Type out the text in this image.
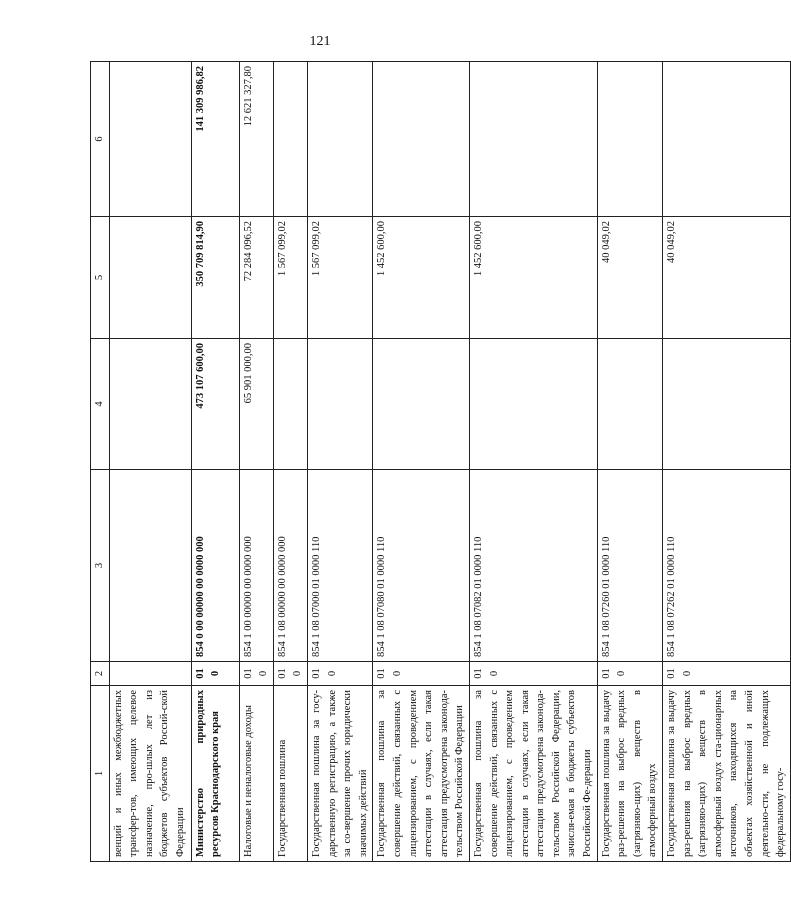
121
1	2	3	4	5	6
венций и иных межбюджетных трансфер-тов, имеющих целевое назначение, про-шлых лет из бюджетов субъектов Россий-ской Федерации					
Министерство природных ресурсов Краснодарского края	010	854 0 00 00000 00 0000 000	473 107 600,00	350 709 814,90	141 309 986,82
Налоговые и неналоговые доходы	010	854 1 00 00000 00 0000 000	65 901 000,00	72 284 096,52	12 621 327,80
Государственная пошлина	010	854 1 08 00000 00 0000 000		1 567 099,02	
Государственная пошлина за госу-дарственную регистрацию, а также за со-вершение прочих юридически значимых действий	010	854 1 08 07000 01 0000 110		1 567 099,02	
Государственная пошлина за совершение действий, связанных с лицензированием, с проведением аттестации в случаях, если такая аттестация предусмотрена законода-тельством Российской Федерации	010	854 1 08 07080 01 0000 110		1 452 600,00	
Государственная пошлина за совершение действий, связанных с лицензированием, с проведением аттестации в случаях, если такая аттестация предусмотрена законода-тельством Российской Федерации, зачисля-емая в бюджеты субъектов Российской Фе-дерации	010	854 1 08 07082 01 0000 110		1 452 600,00	
Государственная пошлина за выдачу раз-решения на выброс вредных (загрязняю-щих) веществ в атмосферный воздух	010	854 1 08 07260 01 0000 110		40 049,02	
Государственная пошлина за выдачу раз-решения на выброс вредных (загрязняю-щих) веществ в атмосферный воздух ста-ционарных источников, находящихся на объектах хозяйственной и иной деятельно-сти, не подлежащих федеральному госу-	010	854 1 08 07262 01 0000 110		40 049,02	
